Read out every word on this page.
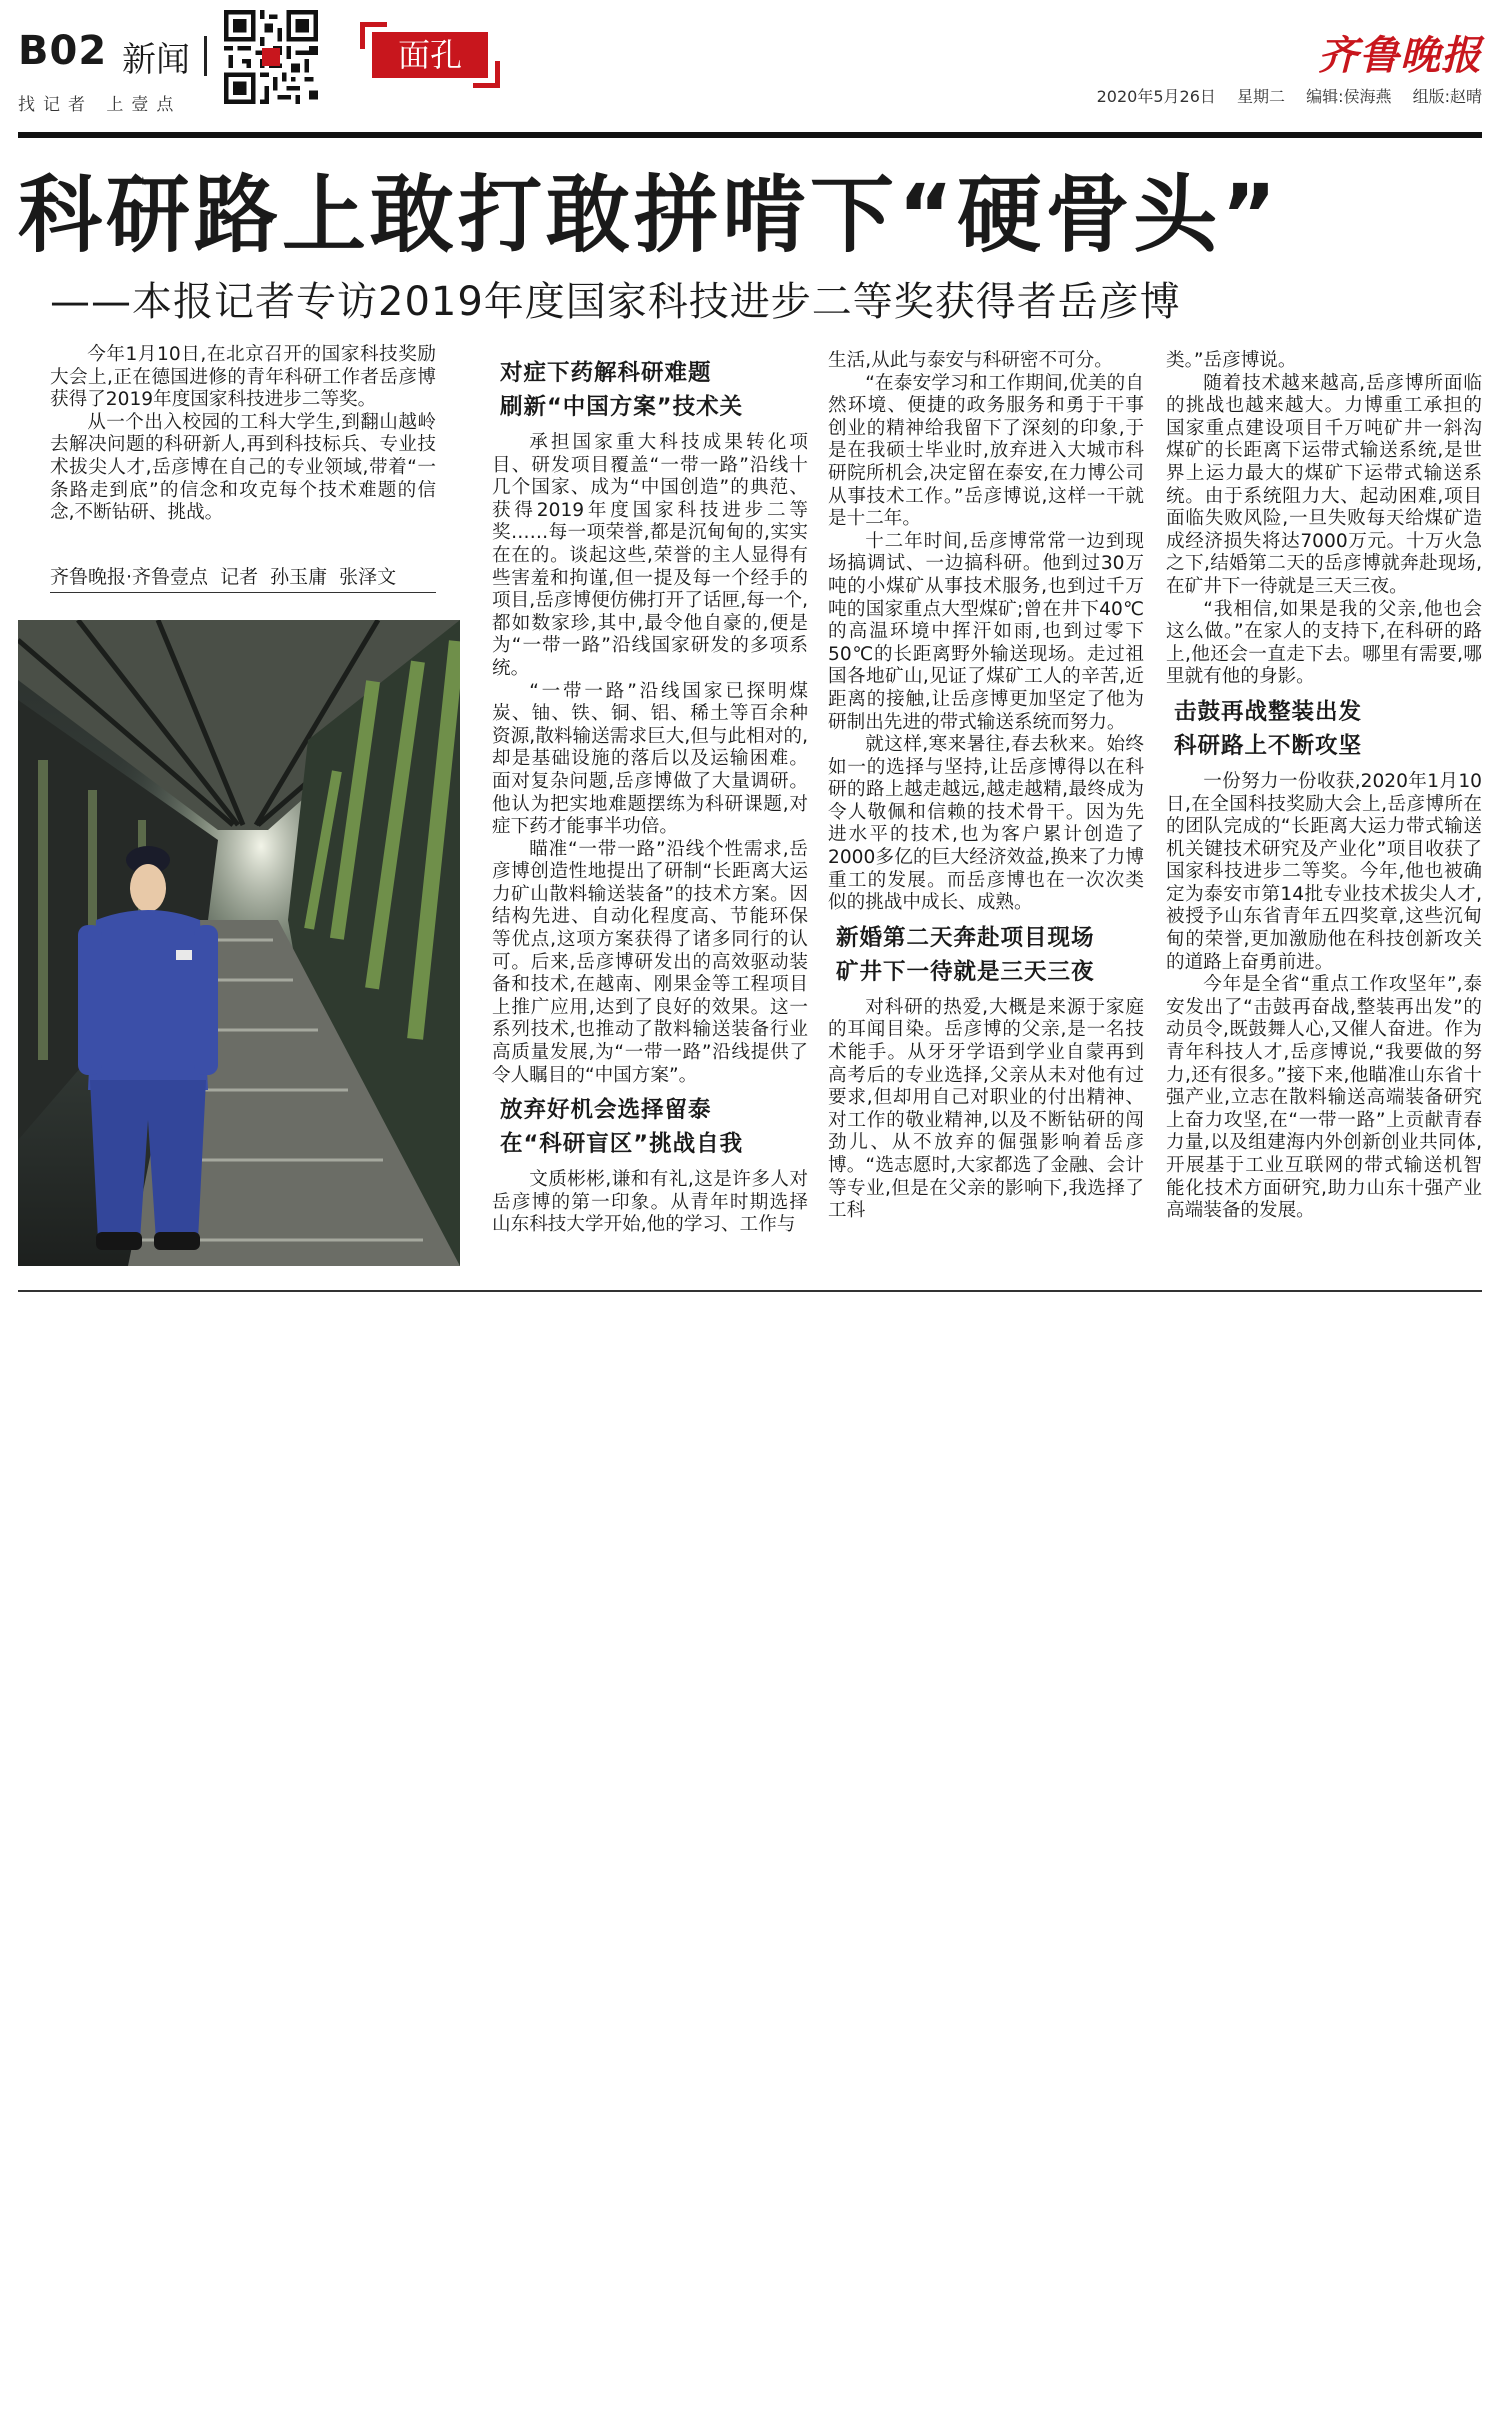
B02 新闻
找记者 上壹点
面孔	齐鲁晚报
2020年5月26日 星期二 编辑:侯海燕 组版:赵晴
科研路上敢打敢拼啃下“硬骨头”
——本报记者专访2019年度国家科技进步二等奖获得者岳彦博

今年1月10日,在北京召开的国家科技奖励大会上,正在德国进修的青年科研工作者岳彦博获得了2019年度国家科技进步二等奖。

从一个出入校园的工科大学生,到翻山越岭去解决问题的科研新人,再到科技标兵、专业技术拔尖人才,岳彦博在自己的专业领域,带着“一条路走到底”的信念和攻克每个技术难题的信念,不断钻研、挑战。

齐鲁晚报·齐鲁壹点 记者 孙玉庸 张泽文
对症下药解科研难题
刷新“中国方案”技术关

承担国家重大科技成果转化项目、研发项目覆盖“一带一路”沿线十几个国家、成为“中国创造”的典范、获得2019年度国家科技进步二等奖……每一项荣誉,都是沉甸甸的,实实在在的。谈起这些,荣誉的主人显得有些害羞和拘谨,但一提及每一个经手的项目,岳彦博便仿佛打开了话匣,每一个,都如数家珍,其中,最令他自豪的,便是为“一带一路”沿线国家研发的多项系统。

“一带一路”沿线国家已探明煤炭、铀、铁、铜、铝、稀土等百余种资源,散料输送需求巨大,但与此相对的,却是基础设施的落后以及运输困难。面对复杂问题,岳彦博做了大量调研。他认为把实地难题摆练为科研课题,对症下药才能事半功倍。

瞄准“一带一路”沿线个性需求,岳彦博创造性地提出了研制“长距离大运力矿山散料输送装备”的技术方案。因结构先进、自动化程度高、节能环保等优点,这项方案获得了诸多同行的认可。后来,岳彦博研发出的高效驱动装备和技术,在越南、刚果金等工程项目上推广应用,达到了良好的效果。这一系列技术,也推动了散料输送装备行业高质量发展,为“一带一路”沿线提供了令人瞩目的“中国方案”。

放弃好机会选择留泰
在“科研盲区”挑战自我

文质彬彬,谦和有礼,这是许多人对岳彦博的第一印象。从青年时期选择山东科技大学开始,他的学习、工作与

生活,从此与泰安与科研密不可分。

“在泰安学习和工作期间,优美的自然环境、便捷的政务服务和勇于干事创业的精神给我留下了深刻的印象,于是在我硕士毕业时,放弃进入大城市科研院所机会,决定留在泰安,在力博公司从事技术工作。”岳彦博说,这样一干就是十二年。

十二年时间,岳彦博常常一边到现场搞调试、一边搞科研。他到过30万吨的小煤矿从事技术服务,也到过千万吨的国家重点大型煤矿;曾在井下40℃的高温环境中挥汗如雨,也到过零下50℃的长距离野外输送现场。走过祖国各地矿山,见证了煤矿工人的辛苦,近距离的接触,让岳彦博更加坚定了他为研制出先进的带式输送系统而努力。

就这样,寒来暑往,春去秋来。始终如一的选择与坚持,让岳彦博得以在科研的路上越走越远,越走越精,最终成为令人敬佩和信赖的技术骨干。因为先进水平的技术,也为客户累计创造了2000多亿的巨大经济效益,换来了力博重工的发展。而岳彦博也在一次次类似的挑战中成长、成熟。

新婚第二天奔赴项目现场
矿井下一待就是三天三夜

对科研的热爱,大概是来源于家庭的耳闻目染。岳彦博的父亲,是一名技术能手。从牙牙学语到学业自蒙再到高考后的专业选择,父亲从未对他有过要求,但却用自己对职业的付出精神、对工作的敬业精神,以及不断钻研的闯劲儿、从不放弃的倔强影响着岳彦博。“选志愿时,大家都选了金融、会计等专业,但是在父亲的影响下,我选择了工科

类。”岳彦博说。

随着技术越来越高,岳彦博所面临的挑战也越来越大。力博重工承担的国家重点建设项目千万吨矿井一斜沟煤矿的长距离下运带式输送系统,是世界上运力最大的煤矿下运带式输送系统。由于系统阻力大、起动困难,项目面临失败风险,一旦失败每天给煤矿造成经济损失将达7000万元。十万火急之下,结婚第二天的岳彦博就奔赴现场,在矿井下一待就是三天三夜。

“我相信,如果是我的父亲,他也会这么做。”在家人的支持下,在科研的路上,他还会一直走下去。哪里有需要,哪里就有他的身影。

击鼓再战整装出发
科研路上不断攻坚

一份努力一份收获,2020年1月10日,在全国科技奖励大会上,岳彦博所在的团队完成的“长距离大运力带式输送机关键技术研究及产业化”项目收获了国家科技进步二等奖。今年,他也被确定为泰安市第14批专业技术拔尖人才,被授予山东省青年五四奖章,这些沉甸甸的荣誉,更加激励他在科技创新攻关的道路上奋勇前进。

今年是全省“重点工作攻坚年”,泰安发出了“击鼓再奋战,整装再出发”的动员令,既鼓舞人心,又催人奋进。作为青年科技人才,岳彦博说,“我要做的努力,还有很多。”接下来,他瞄准山东省十强产业,立志在散料输送高端装备研究上奋力攻坚,在“一带一路”上贡献青春力量,以及组建海内外创新创业共同体,开展基于工业互联网的带式输送机智能化技术方面研究,助力山东十强产业高端装备的发展。
